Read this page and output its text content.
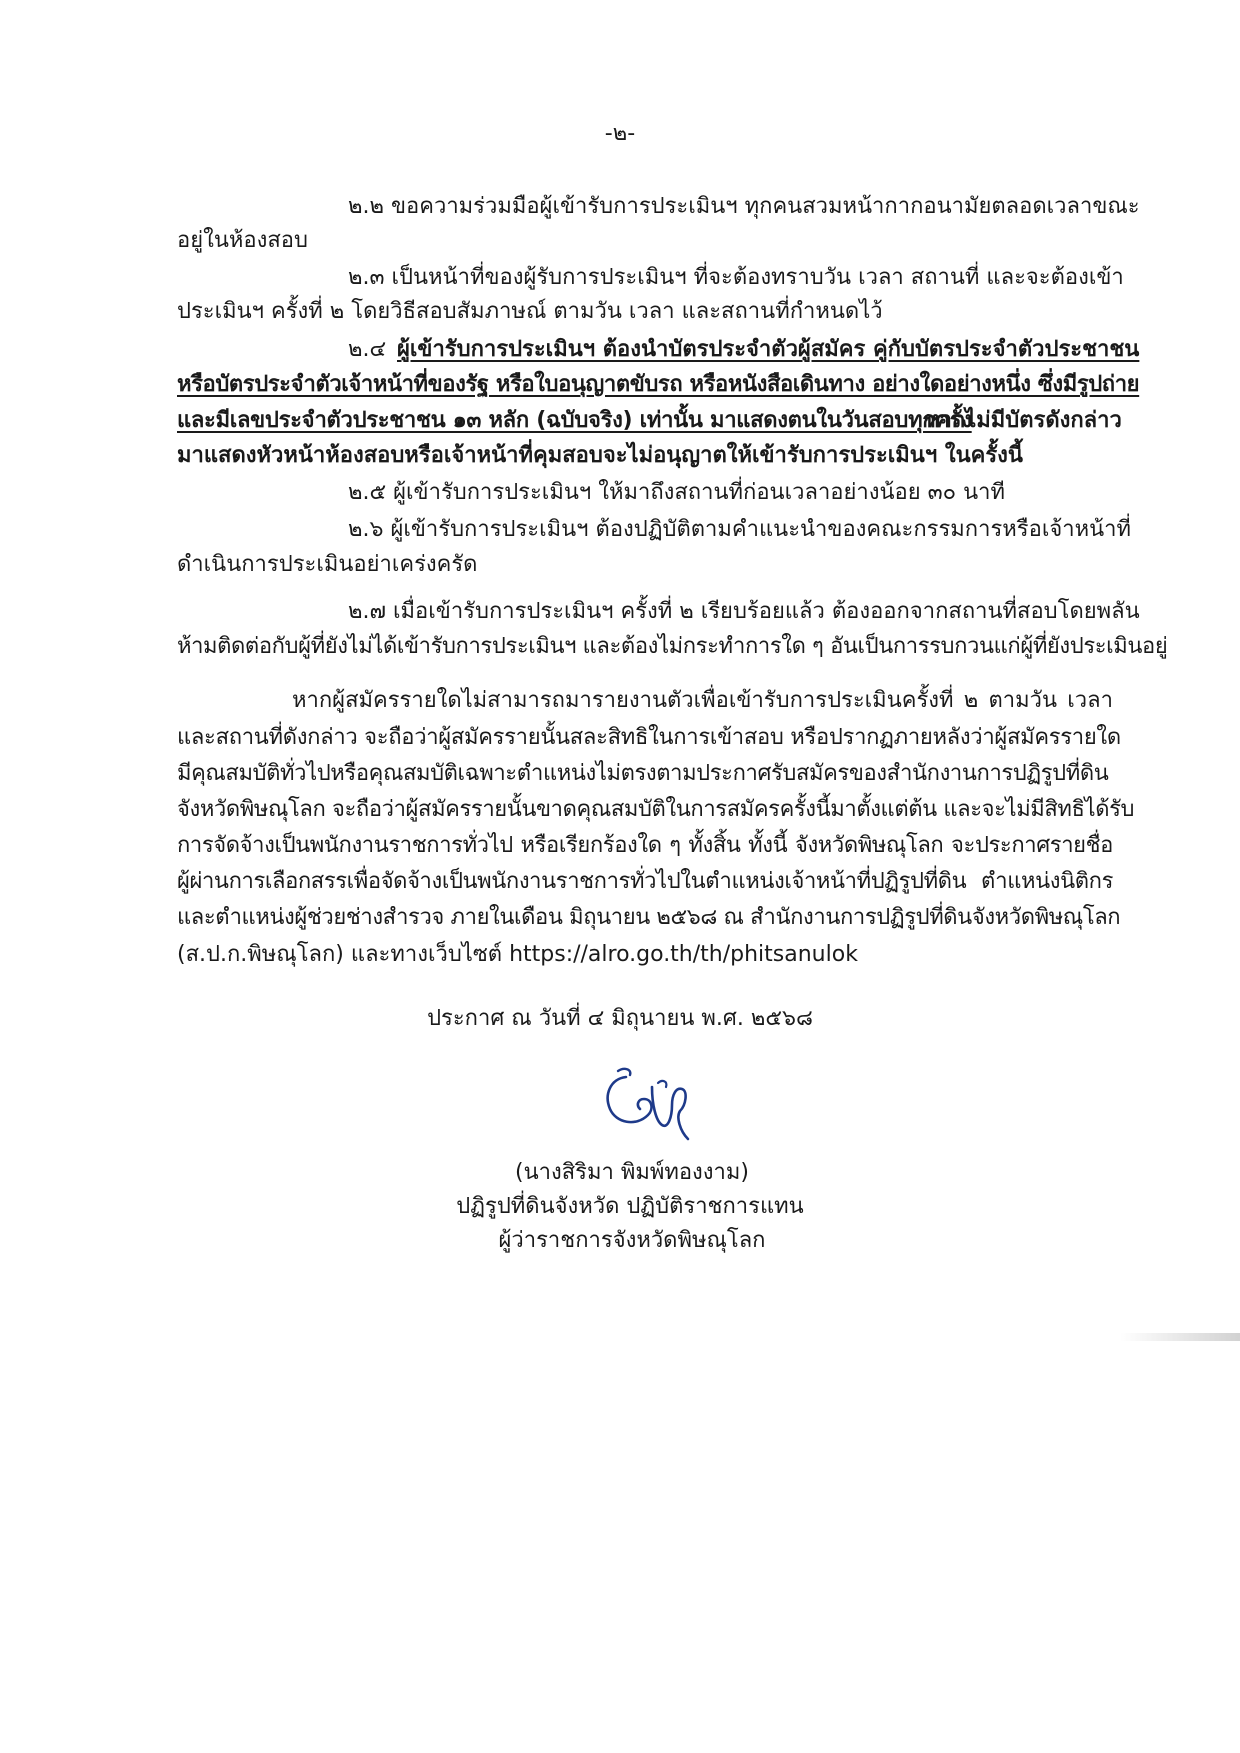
-๒-
๒.๒ ขอความร่วมมือผู้เข้ารับการประเมินฯ ทุกคนสวมหน้ากากอนามัยตลอดเวลาขณะ
อยู่ในห้องสอบ
๒.๓ เป็นหน้าที่ของผู้รับการประเมินฯ ที่จะต้องทราบวัน เวลา สถานที่ และจะต้องเข้า
ประเมินฯ ครั้งที่ ๒ โดยวิธีสอบสัมภาษณ์ ตามวัน เวลา และสถานที่กำหนดไว้
๒.๔ ผู้เข้ารับการประเมินฯ ต้องนำบัตรประจำตัวผู้สมัคร คู่กับบัตรประจำตัวประชาชน
หรือบัตรประจำตัวเจ้าหน้าที่ของรัฐ หรือใบอนุญาตขับรถ หรือหนังสือเดินทาง อย่างใดอย่างหนึ่ง ซึ่งมีรูปถ่าย
และมีเลขประจำตัวประชาชน ๑๓ หลัก (ฉบับจริง) เท่านั้น มาแสดงตนในวันสอบทุกครั้ง
หากไม่มีบัตรดังกล่าว
มาแสดงหัวหน้าห้องสอบหรือเจ้าหน้าที่คุมสอบจะไม่อนุญาตให้เข้ารับการประเมินฯ ในครั้งนี้
๒.๕ ผู้เข้ารับการประเมินฯ ให้มาถึงสถานที่ก่อนเวลาอย่างน้อย ๓๐ นาที
๒.๖ ผู้เข้ารับการประเมินฯ ต้องปฏิบัติตามคำแนะนำของคณะกรรมการหรือเจ้าหน้าที่
ดำเนินการประเมินอย่าเคร่งครัด
๒.๗ เมื่อเข้ารับการประเมินฯ ครั้งที่ ๒ เรียบร้อยแล้ว ต้องออกจากสถานที่สอบโดยพลัน
ห้ามติดต่อกับผู้ที่ยังไม่ได้เข้ารับการประเมินฯ และต้องไม่กระทำการใด ๆ อันเป็นการรบกวนแก่ผู้ที่ยังประเมินอยู่
หากผู้สมัครรายใดไม่สามารถมารายงานตัวเพื่อเข้ารับการประเมินครั้งที่ ๒ ตามวัน เวลา
และสถานที่ดังกล่าว จะถือว่าผู้สมัครรายนั้นสละสิทธิในการเข้าสอบ หรือปรากฏภายหลังว่าผู้สมัครรายใด
มีคุณสมบัติทั่วไปหรือคุณสมบัติเฉพาะตำแหน่งไม่ตรงตามประกาศรับสมัครของสำนักงานการปฏิรูปที่ดิน
จังหวัดพิษณุโลก จะถือว่าผู้สมัครรายนั้นขาดคุณสมบัติในการสมัครครั้งนี้มาตั้งแต่ต้น และจะไม่มีสิทธิได้รับ
การจัดจ้างเป็นพนักงานราชการทั่วไป หรือเรียกร้องใด ๆ ทั้งสิ้น ทั้งนี้ จังหวัดพิษณุโลก จะประกาศรายชื่อ
ผู้ผ่านการเลือกสรรเพื่อจัดจ้างเป็นพนักงานราชการทั่วไปในตำแหน่งเจ้าหน้าที่ปฏิรูปที่ดิน ตำแหน่งนิติกร
และตำแหน่งผู้ช่วยช่างสำรวจ ภายในเดือน มิถุนายน ๒๕๖๘ ณ สำนักงานการปฏิรูปที่ดินจังหวัดพิษณุโลก
(ส.ป.ก.พิษณุโลก) และทางเว็บไซต์ https://alro.go.th/th/phitsanulok
ประกาศ ณ วันที่ ๔ มิถุนายน พ.ศ. ๒๕๖๘
(นางสิริมา พิมพ์ทองงาม)
ปฏิรูปที่ดินจังหวัด ปฏิบัติราชการแทน
ผู้ว่าราชการจังหวัดพิษณุโลก
